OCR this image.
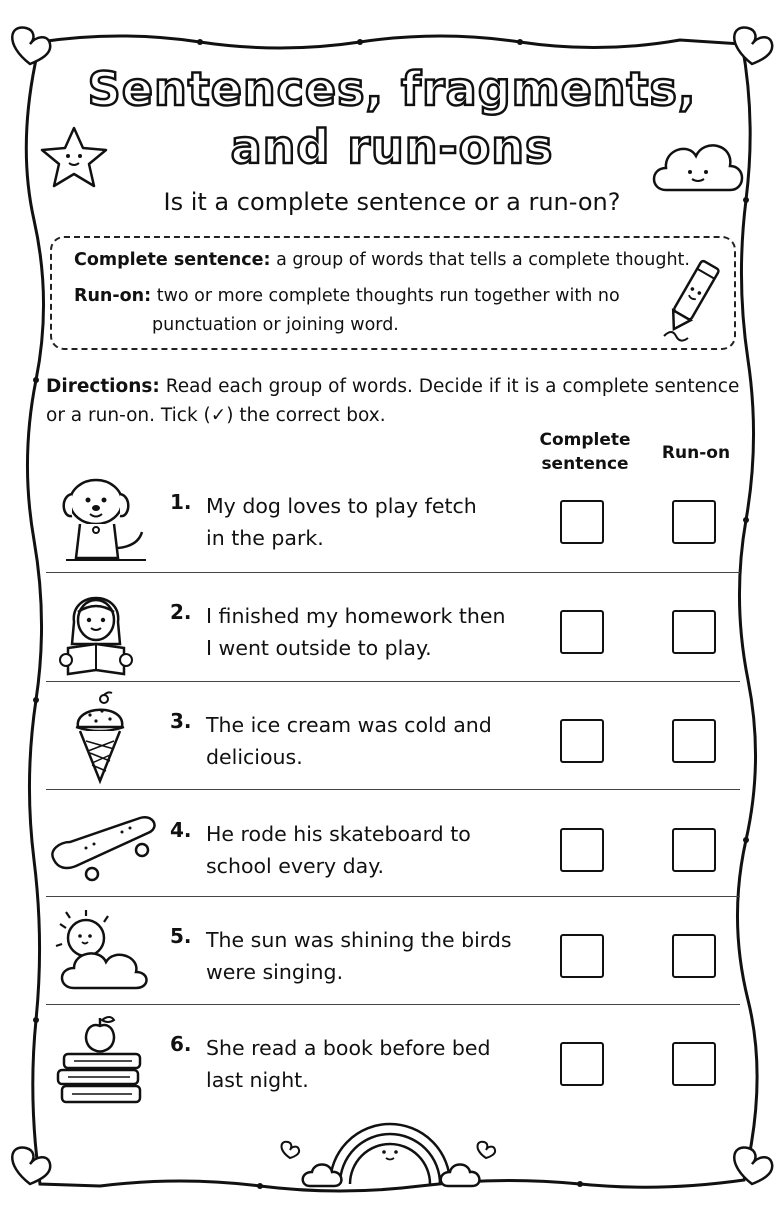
Sentences, fragments,
and run-ons
Is it a complete sentence or a run-on?
Complete sentence: a group of words that tells a complete thought.
Run-on: two or more complete thoughts run together with no
punctuation or joining word.
Directions: Read each group of words. Decide if it is a complete sentence
or a run-on. Tick (✓) the correct box.
Complete
sentence
Run-on
1. My dog loves to play fetch
in the park.
2. I finished my homework then
I went outside to play.
3. The ice cream was cold and
delicious.
4. He rode his skateboard to
school every day.
5. The sun was shining the birds
were singing.
6. She read a book before bed
last night.
